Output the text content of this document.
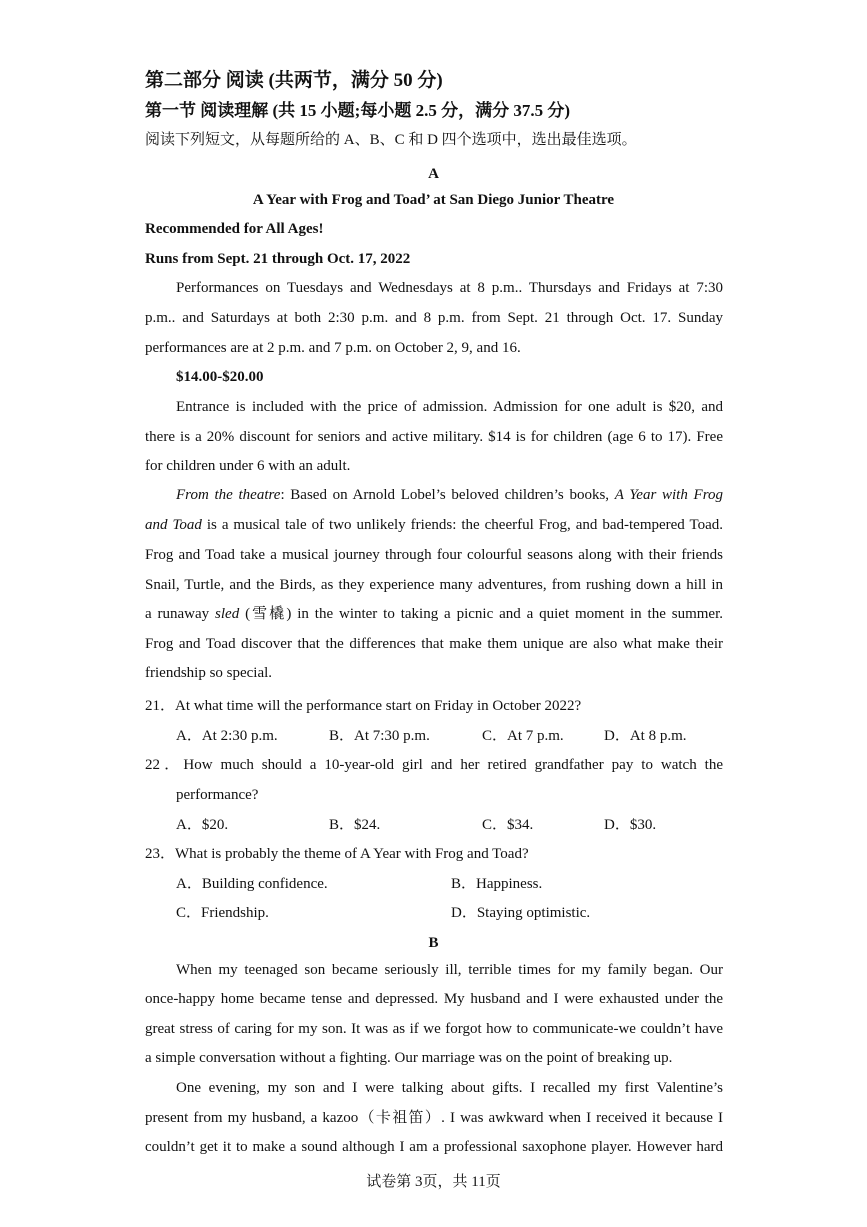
第二部分 阅读 (共两节，满分 50 分)
第一节 阅读理解 (共 15 小题;每小题 2.5 分，满分 37.5 分)
阅读下列短文，从每题所给的 A、B、C 和 D 四个选项中，选出最佳选项。
A
A Year with Frog and Toad’ at San Diego Junior Theatre
Recommended for All Ages!
Runs from Sept. 21 through Oct. 17, 2022
Performances on Tuesdays and Wednesdays at 8 p.m.. Thursdays and Fridays at 7:30
p.m.. and Saturdays at both 2:30 p.m. and 8 p.m. from Sept. 21 through Oct. 17. Sunday
performances are at 2 p.m. and 7 p.m. on October 2, 9, and 16.
$14.00-$20.00
Entrance is included with the price of admission. Admission for one adult is $20, and
there is a 20% discount for seniors and active military. $14 is for children (age 6 to 17). Free
for children under 6 with an adult.
From the theatre: Based on Arnold Lobel’s beloved children’s books, A Year with Frog
and Toad is a musical tale of two unlikely friends: the cheerful Frog, and bad-tempered Toad.
Frog and Toad take a musical journey through four colourful seasons along with their friends
Snail, Turtle, and the Birds, as they experience many adventures, from rushing down a hill in
a runaway sled (雪橇) in the winter to taking a picnic and a quiet moment in the summer.
Frog and Toad discover that the differences that make them unique are also what make their
friendship so special.
21．At what time will the performance start on Friday in October 2022?
A．At 2:30 p.m.	B．At 7:30 p.m.	C．At 7 p.m.	D．At 8 p.m.
22．How much should a 10-year-old girl and her retired grandfather pay to watch the
performance?
A．$20.	B．$24.	C．$34.	D．$30.
23．What is probably the theme of A Year with Frog and Toad?
A．Building confidence.	B．Happiness.
C．Friendship.	D．Staying optimistic.
B
When my teenaged son became seriously ill, terrible times for my family began. Our
once-happy home became tense and depressed. My husband and I were exhausted under the
great stress of caring for my son. It was as if we forgot how to communicate-we couldn’t have
a simple conversation without a fighting. Our marriage was on the point of breaking up.
One evening, my son and I were talking about gifts. I recalled my first Valentine’s
present from my husband, a kazoo（卡祖笛）. I was awkward when I received it because I
couldn’t get it to make a sound although I am a professional saxophone player. However hard
试卷第 3页，共 11页
